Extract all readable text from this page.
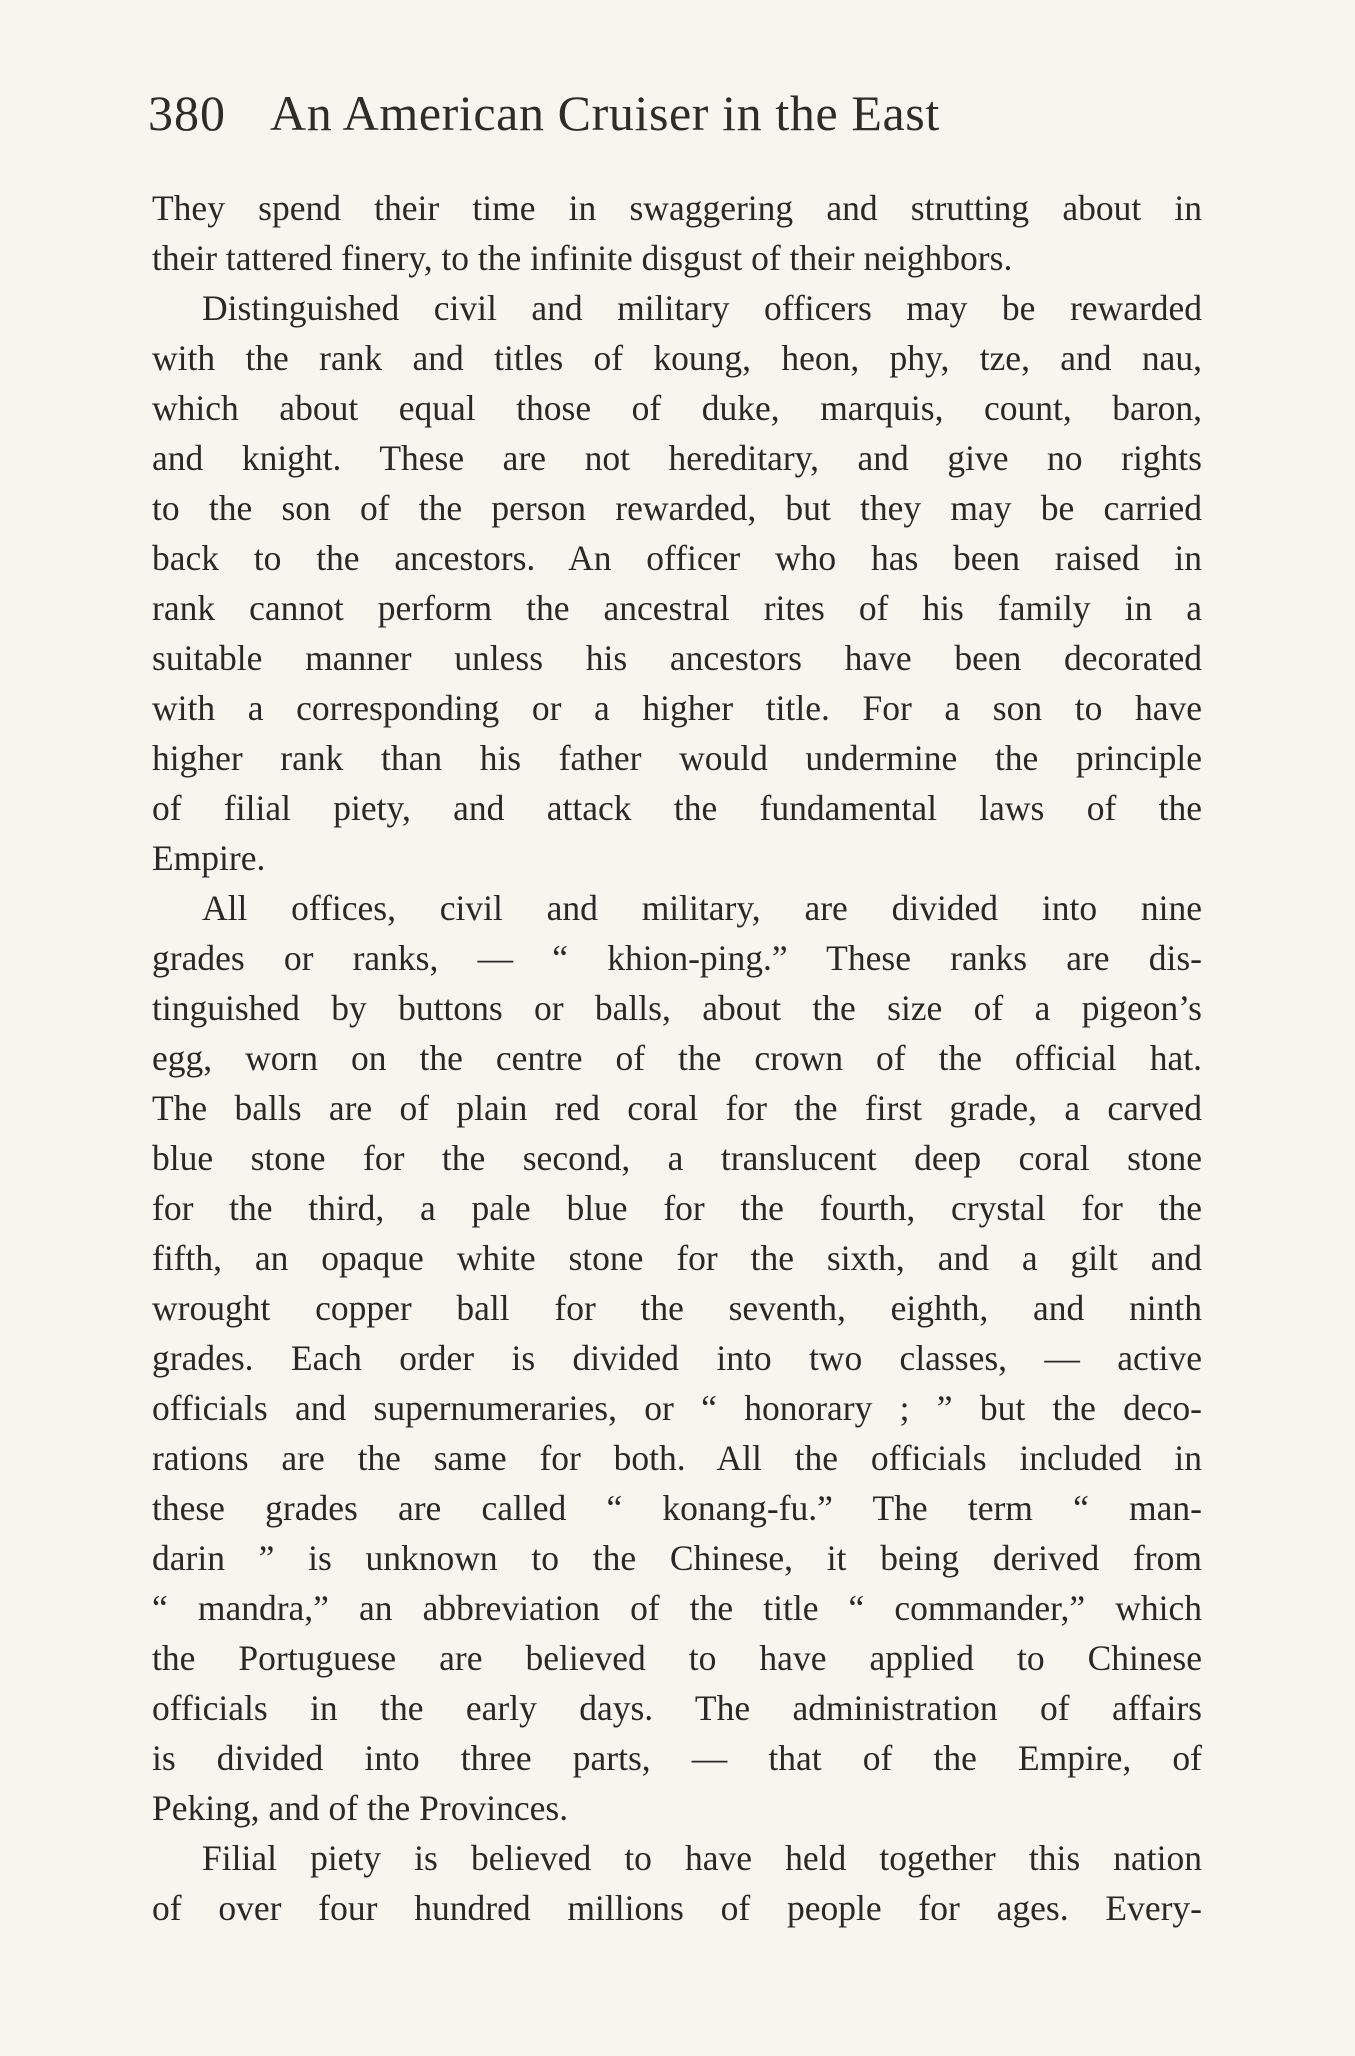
380 An American Cruiser in the East
They spend their time in swaggering and strutting about in
their tattered finery, to the infinite disgust of their neighbors.
Distinguished civil and military officers may be rewarded
with the rank and titles of koung, heon, phy, tze, and nau,
which about equal those of duke, marquis, count, baron,
and knight. These are not hereditary, and give no rights
to the son of the person rewarded, but they may be carried
back to the ancestors. An officer who has been raised in
rank cannot perform the ancestral rites of his family in a
suitable manner unless his ancestors have been decorated
with a corresponding or a higher title. For a son to have
higher rank than his father would undermine the principle
of filial piety, and attack the fundamental laws of the
Empire.
All offices, civil and military, are divided into nine
grades or ranks, — “ khion-ping.” These ranks are dis-
tinguished by buttons or balls, about the size of a pigeon’s
egg, worn on the centre of the crown of the official hat.
The balls are of plain red coral for the first grade, a carved
blue stone for the second, a translucent deep coral stone
for the third, a pale blue for the fourth, crystal for the
fifth, an opaque white stone for the sixth, and a gilt and
wrought copper ball for the seventh, eighth, and ninth
grades. Each order is divided into two classes, — active
officials and supernumeraries, or “ honorary ; ” but the deco-
rations are the same for both. All the officials included in
these grades are called “ konang-fu.” The term “ man-
darin ” is unknown to the Chinese, it being derived from
“ mandra,” an abbreviation of the title “ commander,” which
the Portuguese are believed to have applied to Chinese
officials in the early days. The administration of affairs
is divided into three parts, — that of the Empire, of
Peking, and of the Provinces.
Filial piety is believed to have held together this nation
of over four hundred millions of people for ages. Every-
